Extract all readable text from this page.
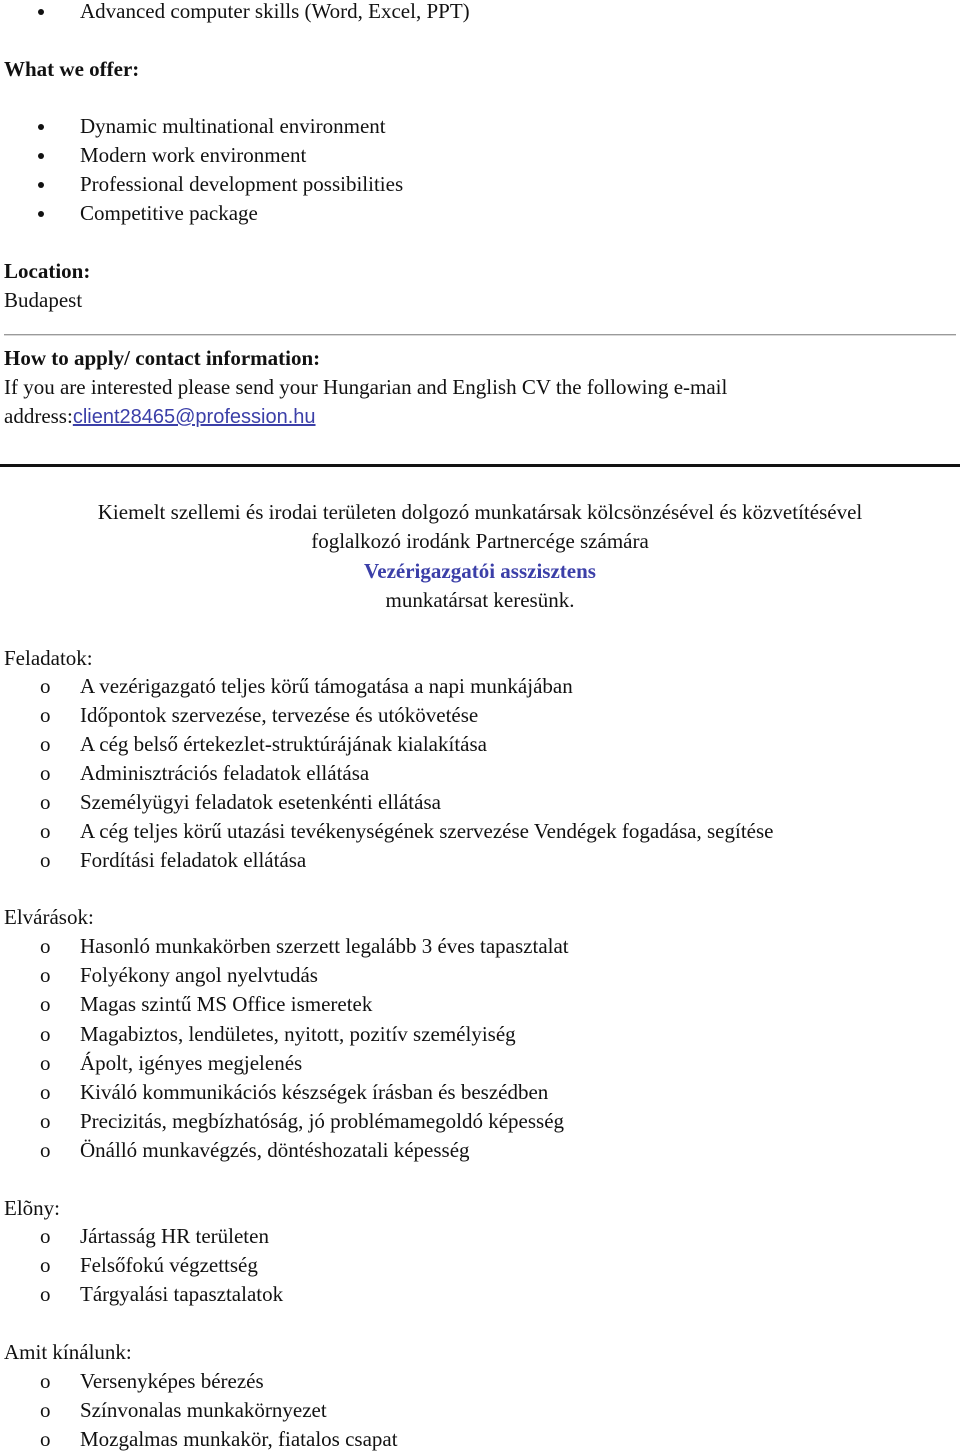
Advanced computer skills (Word, Excel, PPT)
What we offer:
Dynamic multinational environment
Modern work environment
Professional development possibilities
Competitive package
Location:
Budapest
How to apply/ contact information:
If you are interested please send your Hungarian and English CV the following e-mail
address:client28465@profession.hu
Kiemelt szellemi és irodai területen dolgozó munkatársak kölcsönzésével és közvetítésével
foglalkozó irodánk Partnercége számára
Vezérigazgatói asszisztens
munkatársat keresünk.
Feladatok:
o A vezérigazgató teljes körű támogatása a napi munkájában
o Időpontok szervezése, tervezése és utókövetése
o A cég belső értekezlet-struktúrájának kialakítása
o Adminisztrációs feladatok ellátása
o Személyügyi feladatok esetenkénti ellátása
o A cég teljes körű utazási tevékenységének szervezése Vendégek fogadása, segítése
o Fordítási feladatok ellátása
Elvárások:
o Hasonló munkakörben szerzett legalább 3 éves tapasztalat
o Folyékony angol nyelvtudás
o Magas szintű MS Office ismeretek
o Magabiztos, lendületes, nyitott, pozitív személyiség
o Ápolt, igényes megjelenés
o Kiváló kommunikációs készségek írásban és beszédben
o Precizitás, megbízhatóság, jó problémamegoldó képesség
o Önálló munkavégzés, döntéshozatali képesség
Elõny:
o Jártasság HR területen
o Felsőfokú végzettség
o Tárgyalási tapasztalatok
Amit kínálunk:
o Versenyképes bérezés
o Színvonalas munkakörnyezet
o Mozgalmas munkakör, fiatalos csapat
